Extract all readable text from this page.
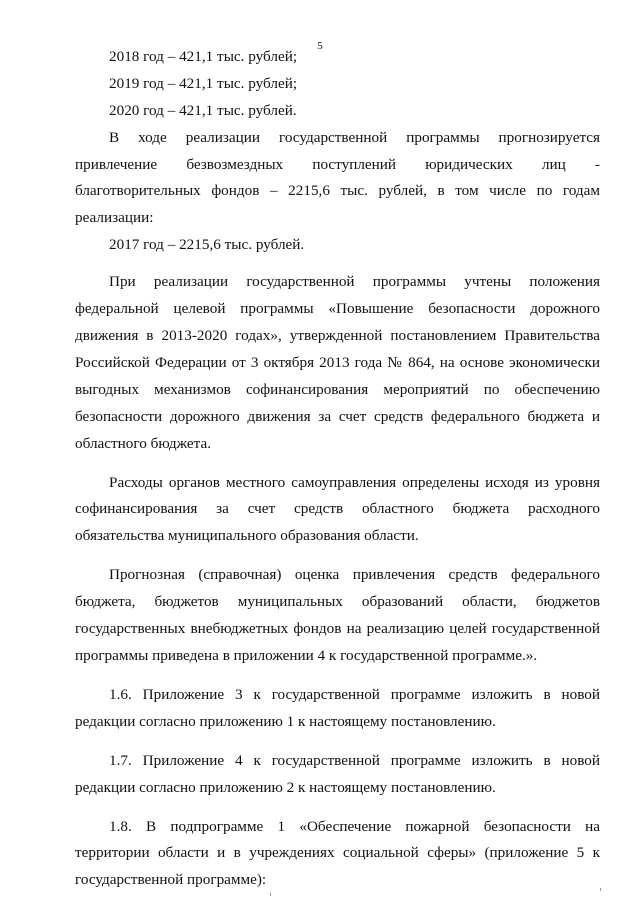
5

2018 год – 421,1 тыс. рублей;

2019 год – 421,1 тыс. рублей;

2020 год – 421,1 тыс. рублей.

В ходе реализации государственной программы прогнозируется привлечение безвозмездных поступлений юридических лиц - благотворительных фондов – 2215,6 тыс. рублей, в том числе по годам реализации:

2017 год – 2215,6 тыс. рублей.

При реализации государственной программы учтены положения федеральной целевой программы «Повышение безопасности дорожного движения в 2013-2020 годах», утвержденной постановлением Правительства Российской Федерации от 3 октября 2013 года № 864, на основе экономически выгодных механизмов софинансирования мероприятий по обеспечению безопасности дорожного движения за счет средств федерального бюджета и областного бюджета.

Расходы органов местного самоуправления определены исходя из уровня софинансирования за счет средств областного бюджета расходного обязательства муниципального образования области.

Прогнозная (справочная) оценка привлечения средств федерального бюджета, бюджетов муниципальных образований области, бюджетов государственных внебюджетных фондов на реализацию целей государственной программы приведена в приложении 4 к государственной программе.».

1.6. Приложение 3 к государственной программе изложить в новой редакции согласно приложению 1 к настоящему постановлению.

1.7. Приложение 4 к государственной программе изложить в новой редакции согласно приложению 2 к настоящему постановлению.

1.8. В подпрограмме 1 «Обеспечение пожарной безопасности на территории области и в учреждениях социальной сферы» (приложение 5 к государственной программе):
